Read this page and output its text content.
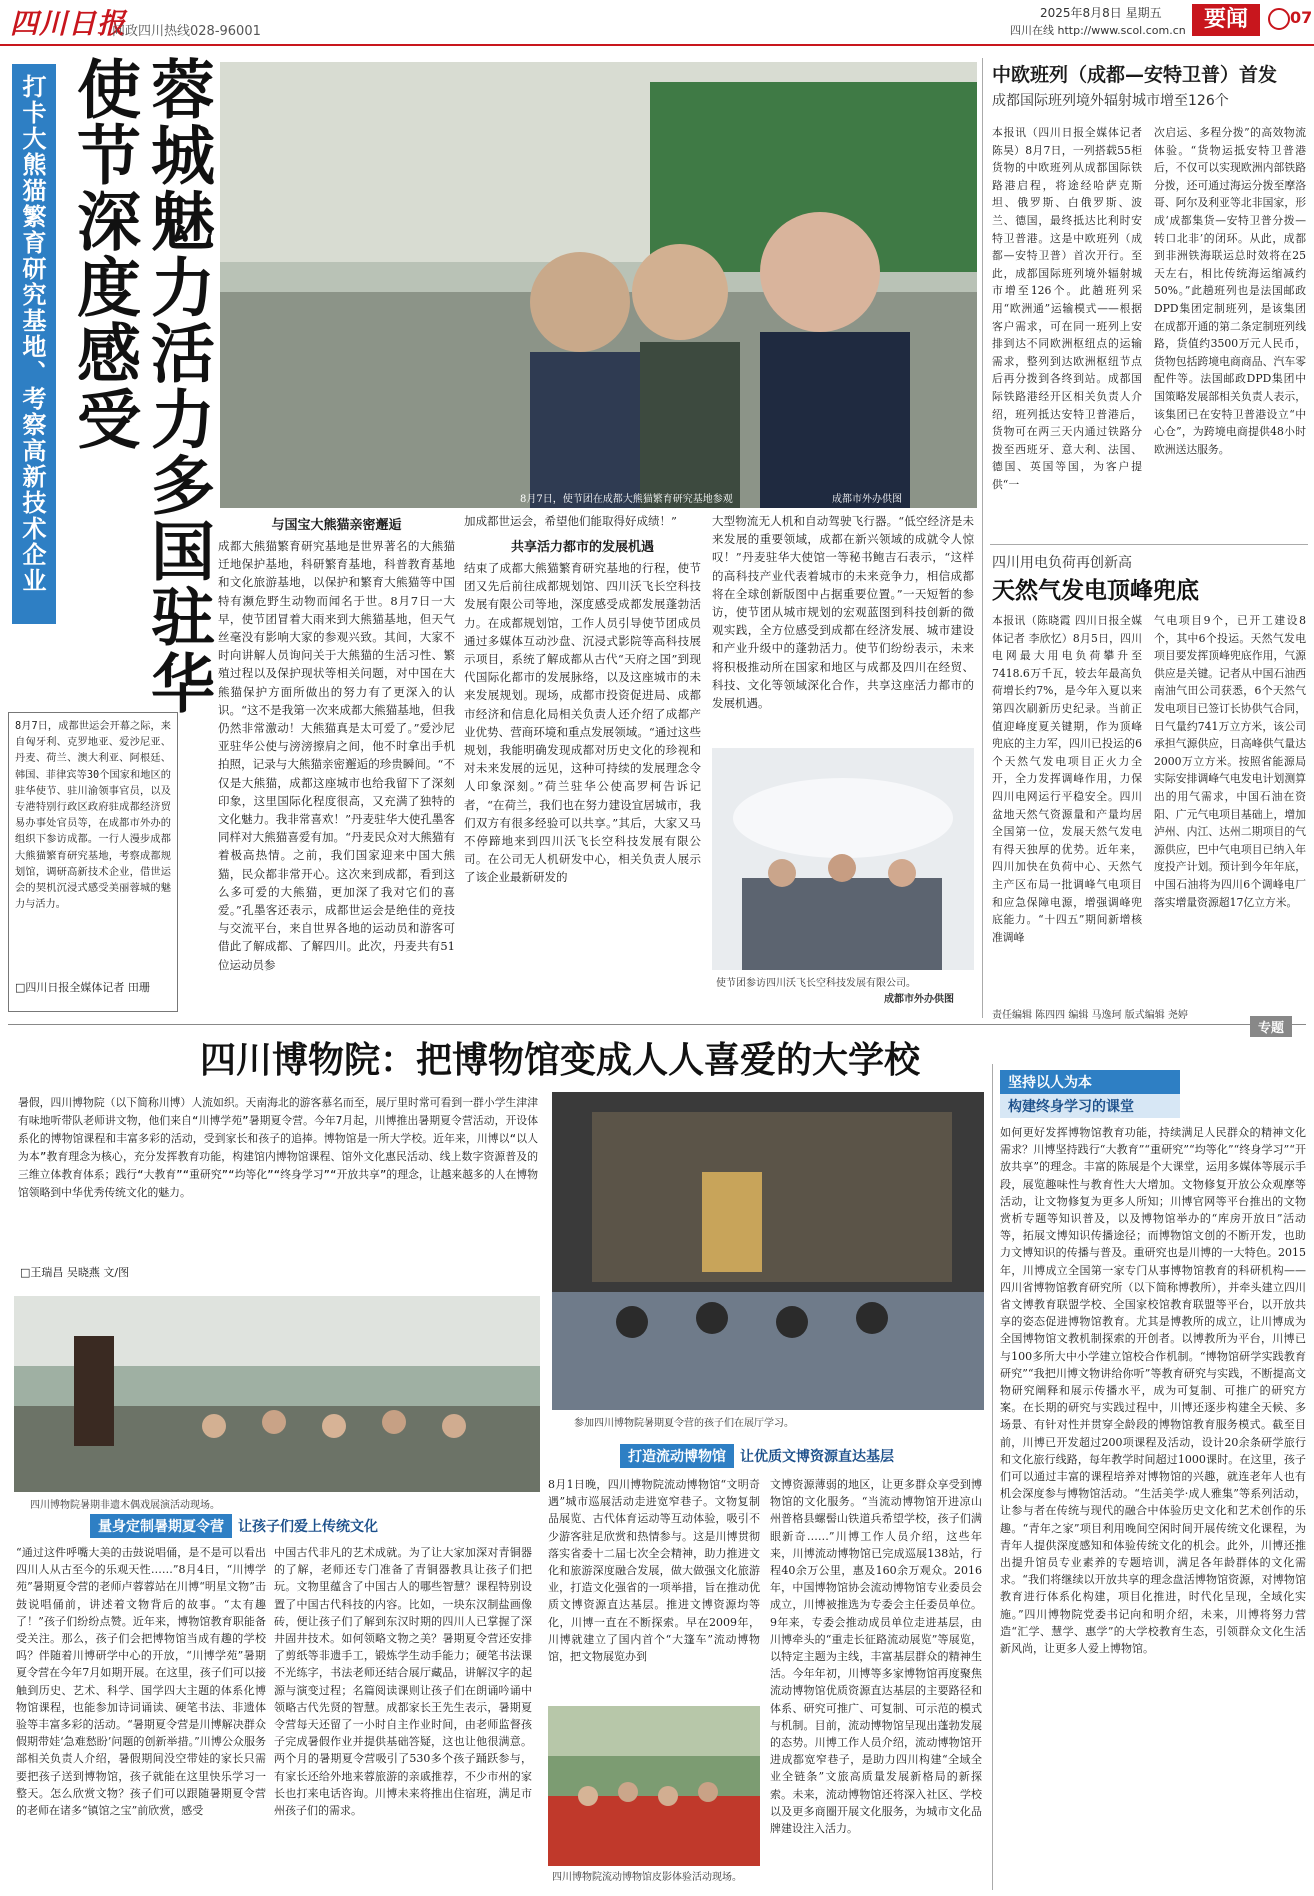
四川日报
问政四川热线028-96001
2025年8月8日 星期五
四川在线 http://www.scol.com.cn 要闻	07
打卡大熊猫繁育研究基地、考察高新技术企业	蓉城魅力活力多国驻华使节深度感受
8月7日，使节团在成都大熊猫繁育研究基地参观	成都市外办供图
8月7日，成都世运会开幕之际，来自匈牙利、克罗地亚、爱沙尼亚、丹麦、荷兰、澳大利亚、阿根廷、韩国、菲律宾等30个国家和地区的驻华使节、驻川渝领事官员，以及专港特别行政区政府驻成都经济贸易办事处官员等，在成都市外办的组织下参访成都。一行人漫步成都大熊猫繁育研究基地，考察成都规划馆，调研高新技术企业，借世运会的契机沉浸式感受美丽蓉城的魅力与活力。
□四川日报全媒体记者 田珊
与国宝大熊猫亲密邂逅
成都大熊猫繁育研究基地是世界著名的大熊猫迁地保护基地，科研繁育基地，科普教育基地和文化旅游基地，以保护和繁育大熊猫等中国特有濒危野生动物而闻名于世。8月7日一大早，使节团冒着大雨来到大熊猫基地，但天气丝毫没有影响大家的参观兴致。其间，大家不时向讲解人员询问关于大熊猫的生活习性、繁殖过程以及保护现状等相关问题，对中国在大熊猫保护方面所做出的努力有了更深入的认识。“这不是我第一次来成都大熊猫基地，但我仍然非常激动！大熊猫真是太可爱了。”爱沙尼亚驻华公使与滂滂擦肩之间，他不时拿出手机拍照，记录与大熊猫亲密邂逅的珍贵瞬间。“不仅是大熊猫，成都这座城市也给我留下了深刻印象，这里国际化程度很高，又充满了独特的文化魅力。我非常喜欢！”丹麦驻华大使孔墨客同样对大熊猫喜爱有加。“丹麦民众对大熊猫有着极高热情。之前，我们国家迎来中国大熊猫，民众都非常开心。这次来到成都，看到这么多可爱的大熊猫，更加深了我对它们的喜爱。”孔墨客还表示，成都世运会是绝佳的竞技与交流平台，来自世界各地的运动员和游客可借此了解成都、了解四川。此次，丹麦共有51位运动员参
加成都世运会，希望他们能取得好成绩！”
共享活力都市的发展机遇
结束了成都大熊猫繁育研究基地的行程，使节团又先后前往成都规划馆、四川沃飞长空科技发展有限公司等地，深度感受成都发展蓬勃活力。在成都规划馆，工作人员引导使节团成员通过多媒体互动沙盘、沉浸式影院等高科技展示项目，系统了解成都从古代“天府之国”到现代国际化都市的发展脉络，以及这座城市的未来发展规划。现场，成都市投资促进局、成都市经济和信息化局相关负责人还介绍了成都产业优势、营商环境和重点发展领域。“通过这些规划，我能明确发现成都对历史文化的珍视和对未来发展的远见，这种可持续的发展理念令人印象深刻。”荷兰驻华公使高罗柯告诉记者，“在荷兰，我们也在努力建设宜居城市，我们双方有很多经验可以共享。”其后，大家又马不停蹄地来到四川沃飞长空科技发展有限公司。在公司无人机研发中心，相关负责人展示了该企业最新研发的
大型物流无人机和自动驾驶飞行器。“低空经济是未来发展的重要领域，成都在新兴领域的成就令人惊叹！”丹麦驻华大使馆一等秘书鲍吉石表示，“这样的高科技产业代表着城市的未来竞争力，相信成都将在全球创新版图中占据重要位置。”一天短暂的参访，使节团从城市规划的宏观蓝图到科技创新的微观实践，全方位感受到成都在经济发展、城市建设和产业升级中的蓬勃活力。使节们纷纷表示，未来将积极推动所在国家和地区与成都及四川在经贸、科技、文化等领域深化合作，共享这座活力都市的发展机遇。
使节团参访四川沃飞长空科技发展有限公司。
成都市外办供图
中欧班列（成都—安特卫普）首发
成都国际班列境外辐射城市增至126个
本报讯（四川日报全媒体记者 陈昊）8月7日，一列搭载55柜货物的中欧班列从成都国际铁路港启程，将途经哈萨克斯坦、俄罗斯、白俄罗斯、波兰、德国，最终抵达比利时安特卫普港。这是中欧班列（成都—安特卫普）首次开行。至此，成都国际班列境外辐射城市增至126个。此趟班列采用“欧洲通”运输模式——根据客户需求，可在同一班列上安排到达不同欧洲枢纽点的运输需求，整列到达欧洲枢纽节点后再分拨到各终到站。成都国际铁路港经开区相关负责人介绍，班列抵达安特卫普港后，货物可在两三天内通过铁路分拨至西班牙、意大利、法国、德国、英国等国，为客户提供“一
次启运、多程分拨”的高效物流体验。“货物运抵安特卫普港后，不仅可以实现欧洲内部铁路分拨，还可通过海运分拨至摩洛哥、阿尔及利亚等北非国家，形成‘成都集货—安特卫普分拨—转口北非’的闭环。从此，成都到非洲铁海联运总时效将在25天左右，相比传统海运缩减约50%。”此趟班列也是法国邮政DPD集团定制班列，是该集团在成都开通的第二条定制班列线路，货值约3500万元人民币，货物包括跨境电商商品、汽车零配件等。法国邮政DPD集团中国策略发展部相关负责人表示，该集团已在安特卫普港设立“中心仓”，为跨境电商提供48小时欧洲送达服务。
四川用电负荷再创新高
天然气发电顶峰兜底
本报讯（陈晓霞 四川日报全媒体记者 李欣忆）8月5日，四川电网最大用电负荷攀升至7418.6万千瓦，较去年最高负荷增长约7%，是今年入夏以来第四次刷新历史纪录。当前正值迎峰度夏关键期，作为顶峰兜底的主力军，四川已投运的6个天然气发电项目正火力全开，全力发挥调峰作用，力保四川电网运行平稳安全。四川盆地天然气资源量和产量均居全国第一位，发展天然气发电有得天独厚的优势。近年来，四川加快在负荷中心、天然气主产区布局一批调峰气电项目和应急保障电源，增强调峰兜底能力。“十四五”期间新增核准调峰
气电项目9个，已开工建设8个，其中6个投运。天然气发电项目要发挥顶峰兜底作用，气源供应是关键。记者从中国石油西南油气田公司获悉，6个天然气发电项目已签订长协供气合同，日气量约741万立方米，该公司承担气源供应，日高峰供气量达2000万立方米。按照省能源局实际安排调峰气电发电计划测算出的用气需求，中国石油在资阳、广元气电项目基础上，增加泸州、内江、达州二期项目的气源供应，巴中气电项目已纳入年度投产计划。预计到今年年底，中国石油将为四川6个调峰电厂落实增量资源超17亿立方米。
责任编辑 陈四四 编辑 马逸珂 版式编辑 尧婷
专题
四川博物院：把博物馆变成人人喜爱的大学校
暑假，四川博物院（以下简称川博）人流如织。天南海北的游客慕名而至，展厅里时常可看到一群小学生津津有味地听带队老师讲文物，他们来自“川博学苑”暑期夏令营。今年7月起，川博推出暑期夏令营活动，开设体系化的博物馆课程和丰富多彩的活动，受到家长和孩子的追捧。博物馆是一所大学校。近年来，川博以“以人为本”教育理念为核心，充分发挥教育功能，构建馆内博物馆课程、馆外文化惠民活动、线上数字资源普及的三维立体教育体系；践行“大教育”“重研究”“均等化”“终身学习”“开放共享”的理念，让越来越多的人在博物馆领略到中华优秀传统文化的魅力。
□王瑞昌 吴晓燕 文/图
四川博物院暑期非遗木偶戏展演活动现场。
参加四川博物院暑期夏令营的孩子们在展厅学习。
量身定制暑期夏令营 让孩子们爱上传统文化
“通过这件呼嘴大美的击鼓说唱俑，是不是可以看出四川人从古至今的乐观天性……”8月4日，“川博学苑”暑期夏令营的老师卢蓉蓉站在川博“明星文物”击鼓说唱俑前，讲述着文物背后的故事。“太有趣了！”孩子们纷纷点赞。近年来，博物馆教育职能备受关注。那么，孩子们会把博物馆当成有趣的学校吗？伴随着川博研学中心的开放，“川博学苑”暑期夏令营在今年7月如期开展。在这里，孩子们可以接触到历史、艺术、科学、国学四大主题的体系化博物馆课程，也能参加诗词诵读、硬笔书法、非遗体验等丰富多彩的活动。“暑期夏令营是川博解决群众假期带娃‘急难愁盼’问题的创新举措。”川博公众服务部相关负责人介绍，暑假期间没空带娃的家长只需要把孩子送到博物馆，孩子就能在这里快乐学习一整天。怎么欣赏文物？孩子们可以跟随暑期夏令营的老师在诸多“镇馆之宝”前欣赏，感受
中国古代非凡的艺术成就。为了让大家加深对青铜器的了解，老师还专门准备了青铜器教具让孩子们把玩。文物里蕴含了中国古人的哪些智慧？课程特别设置了中国古代科技的内容。比如，一块东汉制盐画像砖，便让孩子们了解到东汉时期的四川人已掌握了深井固井技术。如何领略文物之美？暑期夏令营还安排了剪纸等非遗手工，锻炼学生动手能力；硬笔书法课不光练字，书法老师还结合展厅藏品，讲解汉字的起源与演变过程；名篇阅读课则让孩子们在朗诵吟诵中领略古代先贤的智慧。成都家长王先生表示，暑期夏令营每天还留了一小时自主作业时间，由老师监督孩子完成暑假作业并提供基础答疑，这也让他很满意。两个月的暑期夏令营吸引了530多个孩子踊跃参与，有家长还给外地来蓉旅游的亲戚推荐，不少市州的家长也打来电话咨询。川博未来将推出住宿班，满足市州孩子们的需求。
打造流动博物馆 让优质文博资源直达基层
8月1日晚，四川博物院流动博物馆“文明奇遇”城市巡展活动走进宽窄巷子。文物复制品展览、古代体育运动等互动体验，吸引不少游客驻足欣赏和热情参与。这是川博贯彻落实省委十二届七次全会精神，助力推进文化和旅游深度融合发展，做大做强文化旅游业，打造文化强省的一项举措，旨在推动优质文博资源直达基层。推进文博资源均等化，川博一直在不断探索。早在2009年，川博就建立了国内首个“大篷车”流动博物馆，把文物展览办到
四川博物院流动博物馆皮影体验活动现场。
文博资源薄弱的地区，让更多群众享受到博物馆的文化服务。“当流动博物馆开进凉山州普格县螺髻山铁道兵希望学校，孩子们满眼新奇……”川博工作人员介绍，这些年来，川博流动博物馆已完成巡展138站，行程40余万公里，惠及160余万观众。2016年，中国博物馆协会流动博物馆专业委员会成立，川博被推选为专委会主任委员单位。9年来，专委会推动成员单位走进基层，由川博牵头的“重走长征路流动展览”等展览，以特定主题为主线，丰富基层群众的精神生活。今年年初，川博等多家博物馆再度聚焦流动博物馆优质资源直达基层的主要路径和体系、研究可推广、可复制、可示范的模式与机制。目前，流动博物馆呈现出蓬勃发展的态势。川博工作人员介绍，流动博物馆开进成都宽窄巷子，是助力四川构建“全域全业全链条”文旅高质量发展新格局的新探索。未来，流动博物馆还将深入社区、学校以及更多商圈开展文化服务，为城市文化品牌建设注入活力。
坚持以人为本
构建终身学习的课堂
如何更好发挥博物馆教育功能，持续满足人民群众的精神文化需求？川博坚持践行“大教育”“重研究”“均等化”“终身学习”“开放共享”的理念。丰富的陈展是个大课堂，运用多媒体等展示手段，展览趣味性与教育性大大增加。文物修复开放公众观摩等活动，让文物修复为更多人所知；川博官网等平台推出的文物赏析专题等知识普及，以及博物馆举办的“库房开放日”活动等，拓展文博知识传播途径；而博物馆文创的不断开发，也助力文博知识的传播与普及。重研究也是川博的一大特色。2015年，川博成立全国第一家专门从事博物馆教育的科研机构——四川省博物馆教育研究所（以下简称博教所），并牵头建立四川省文博教育联盟学校、全国家校馆教育联盟等平台，以开放共享的姿态促进博物馆教育。尤其是博教所的成立，让川博成为全国博物馆文教机制探索的开创者。以博教所为平台，川博已与100多所大中小学建立馆校合作机制。“博物馆研学实践教育研究”“我把川博文物讲给你听”等教育研究与实践，不断提高文物研究阐释和展示传播水平，成为可复制、可推广的研究方案。在长期的研究与实践过程中，川博还逐步构建全天候、多场景、有针对性并贯穿全龄段的博物馆教育服务模式。截至目前，川博已开发超过200项课程及活动，设计20余条研学旅行和文化旅行线路，每年教学时间超过1000课时。在这里，孩子们可以通过丰富的课程培养对博物馆的兴趣，就连老年人也有机会深度参与博物馆活动。“生活美学·成人雅集”等系列活动，让参与者在传统与现代的融合中体验历史文化和艺术创作的乐趣。“青年之家”项目利用晚间空闲时间开展传统文化课程，为青年人提供深度感知和体验传统文化的机会。此外，川博还推出提升馆员专业素养的专题培训，满足各年龄群体的文化需求。“我们将继续以开放共享的理念盘活博物馆资源，对博物馆教育进行体系化构建，项目化推进，时代化呈现，全域化实施。”四川博物院党委书记向和明介绍，未来，川博将努力营造“汇学、慧学、惠学”的大学校教育生态，引领群众文化生活新风尚，让更多人爱上博物馆。
